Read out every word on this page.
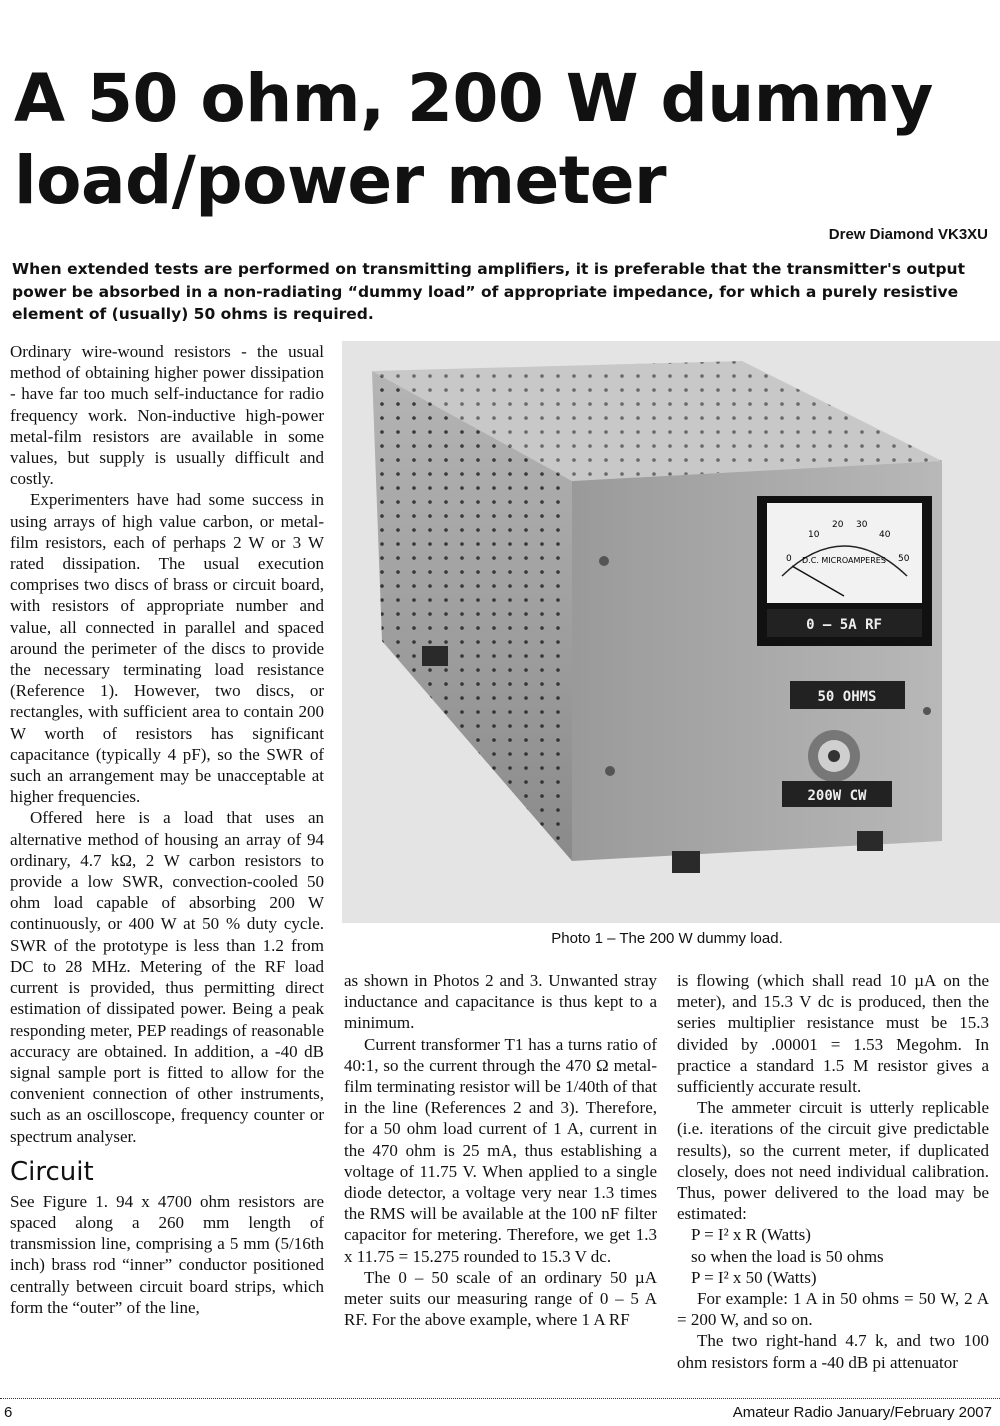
A 50 ohm, 200 W dummy load/power meter
Drew Diamond VK3XU
When extended tests are performed on transmitting amplifiers, it is preferable that the transmitter's output power be absorbed in a non-radiating “dummy load” of appropriate impedance, for which a purely resistive element of (usually) 50 ohms is required.

Ordinary wire-wound resistors - the usual method of obtaining higher power dissipation - have far too much self-inductance for radio frequency work. Non-inductive high-power metal-film resistors are available in some values, but supply is usually difficult and costly.

Experimenters have had some success in using arrays of high value carbon, or metal-film resistors, each of perhaps 2 W or 3 W rated dissipation. The usual execution comprises two discs of brass or circuit board, with resistors of appropriate number and value, all connected in parallel and spaced around the perimeter of the discs to provide the necessary terminating load resistance (Reference 1). However, two discs, or rectangles, with sufficient area to contain 200 W worth of resistors has significant capacitance (typically 4 pF), so the SWR of such an arrangement may be unacceptable at higher frequencies.

Offered here is a load that uses an alternative method of housing an array of 94 ordinary, 4.7 kΩ, 2 W carbon resistors to provide a low SWR, convection-cooled 50 ohm load capable of absorbing 200 W continuously, or 400 W at 50 % duty cycle. SWR of the prototype is less than 1.2 from DC to 28 MHz. Metering of the RF load current is provided, thus permitting direct estimation of dissipated power. Being a peak responding meter, PEP readings of reasonable accuracy are obtained. In addition, a -40 dB signal sample port is fitted to allow for the convenient connection of other instruments, such as an oscilloscope, frequency counter or spectrum analyser.

Circuit

See Figure 1. 94 x 4700 ohm resistors are spaced along a 260 mm length of transmission line, comprising a 5 mm (5/16th inch) brass rod “inner” conductor positioned centrally between circuit board strips, which form the “outer” of the line,

0
10
20 30
40
50
D.C. MICROAMPERES
0 – 5A RF
50 OHMS
200W CW
Photo 1 – The 200 W dummy load.

as shown in Photos 2 and 3. Unwanted stray inductance and capacitance is thus kept to a minimum.

Current transformer T1 has a turns ratio of 40:1, so the current through the 470 Ω metal-film terminating resistor will be 1/40th of that in the line (References 2 and 3). Therefore, for a 50 ohm load current of 1 A, current in the 470 ohm is 25 mA, thus establishing a voltage of 11.75 V. When applied to a single diode detector, a voltage very near 1.3 times the RMS will be available at the 100 nF filter capacitor for metering. Therefore, we get 1.3 x 11.75 = 15.275 rounded to 15.3 V dc.

The 0 – 50 scale of an ordinary 50 µA meter suits our measuring range of 0 – 5 A RF. For the above example, where 1 A RF

is flowing (which shall read 10 µA on the meter), and 15.3 V dc is produced, then the series multiplier resistance must be 15.3 divided by .00001 = 1.53 Megohm. In practice a standard 1.5 M resistor gives a sufficiently accurate result.

The ammeter circuit is utterly replicable (i.e. iterations of the circuit give predictable results), so the current meter, if duplicated closely, does not need individual calibration. Thus, power delivered to the load may be estimated:

P = I² x R (Watts)

so when the load is 50 ohms

P = I² x 50 (Watts)

For example: 1 A in 50 ohms = 50 W, 2 A = 200 W, and so on.

The two right-hand 4.7 k, and two 100 ohm resistors form a -40 dB pi attenuator

6	Amateur Radio January/February 2007
